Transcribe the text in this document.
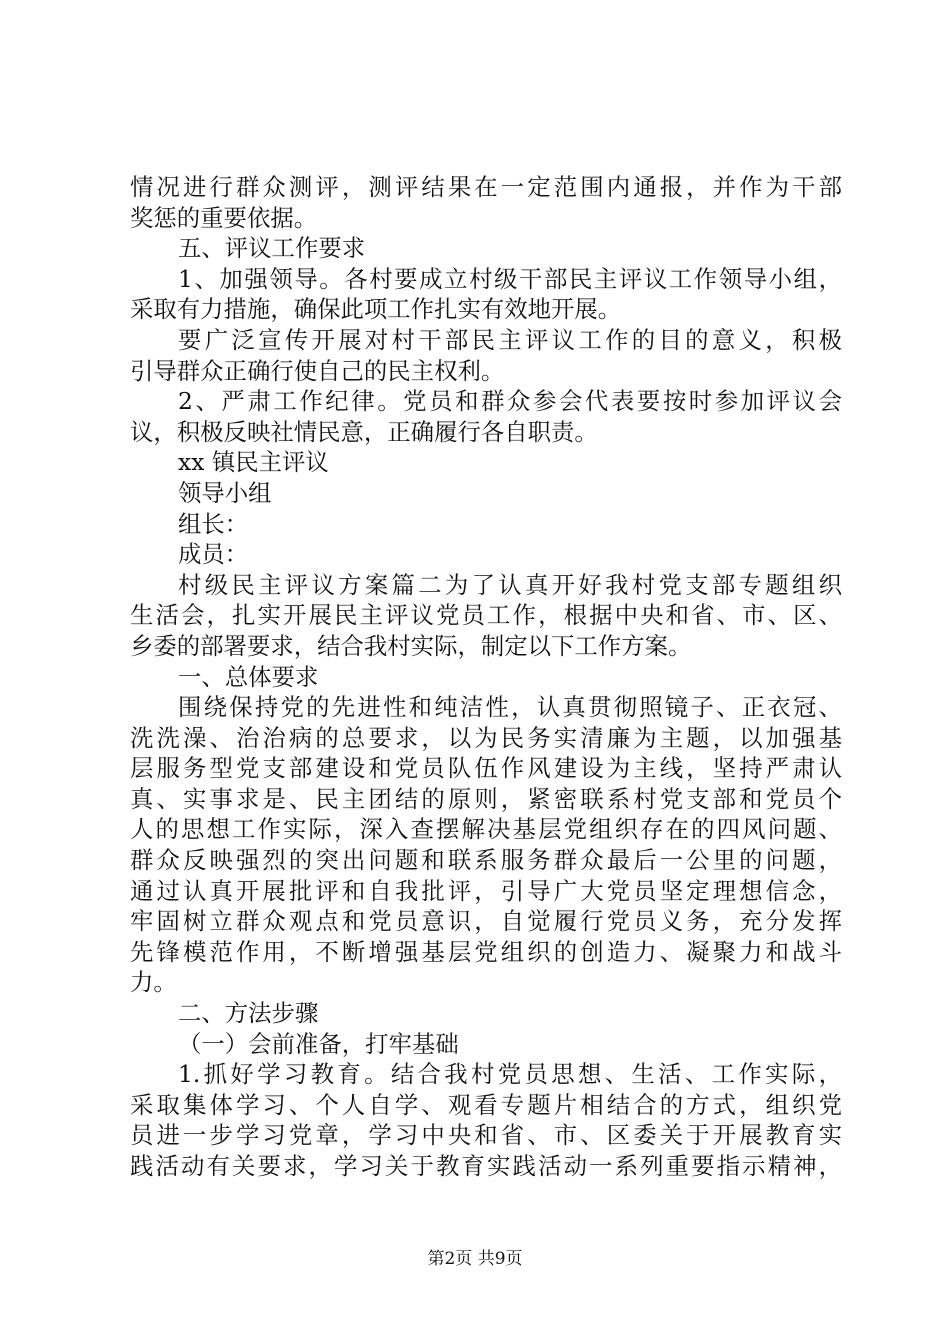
情况进行群众测评，测评结果在一定范围内通报，并作为干部
奖惩的重要依据。
五、评议工作要求
1、加强领导。各村要成立村级干部民主评议工作领导小组，
采取有力措施，确保此项工作扎实有效地开展。
要广泛宣传开展对村干部民主评议工作的目的意义，积极
引导群众正确行使自己的民主权利。
2、严肃工作纪律。党员和群众参会代表要按时参加评议会
议，积极反映社情民意，正确履行各自职责。
xx 镇民主评议
领导小组
组长：
成员：
村级民主评议方案篇二为了认真开好我村党支部专题组织
生活会，扎实开展民主评议党员工作，根据中央和省、市、区、
乡委的部署要求，结合我村实际，制定以下工作方案。
一、总体要求
围绕保持党的先进性和纯洁性，认真贯彻照镜子、正衣冠、
洗洗澡、治治病的总要求，以为民务实清廉为主题，以加强基
层服务型党支部建设和党员队伍作风建设为主线，坚持严肃认
真、实事求是、民主团结的原则，紧密联系村党支部和党员个
人的思想工作实际，深入查摆解决基层党组织存在的四风问题、
群众反映强烈的突出问题和联系服务群众最后一公里的问题，
通过认真开展批评和自我批评，引导广大党员坚定理想信念，
牢固树立群众观点和党员意识，自觉履行党员义务，充分发挥
先锋模范作用，不断增强基层党组织的创造力、凝聚力和战斗
力。
二、方法步骤
（一）会前准备，打牢基础
1.抓好学习教育。结合我村党员思想、生活、工作实际，
采取集体学习、个人自学、观看专题片相结合的方式，组织党
员进一步学习党章，学习中央和省、市、区委关于开展教育实
践活动有关要求，学习关于教育实践活动一系列重要指示精神，
第2页 共9页
